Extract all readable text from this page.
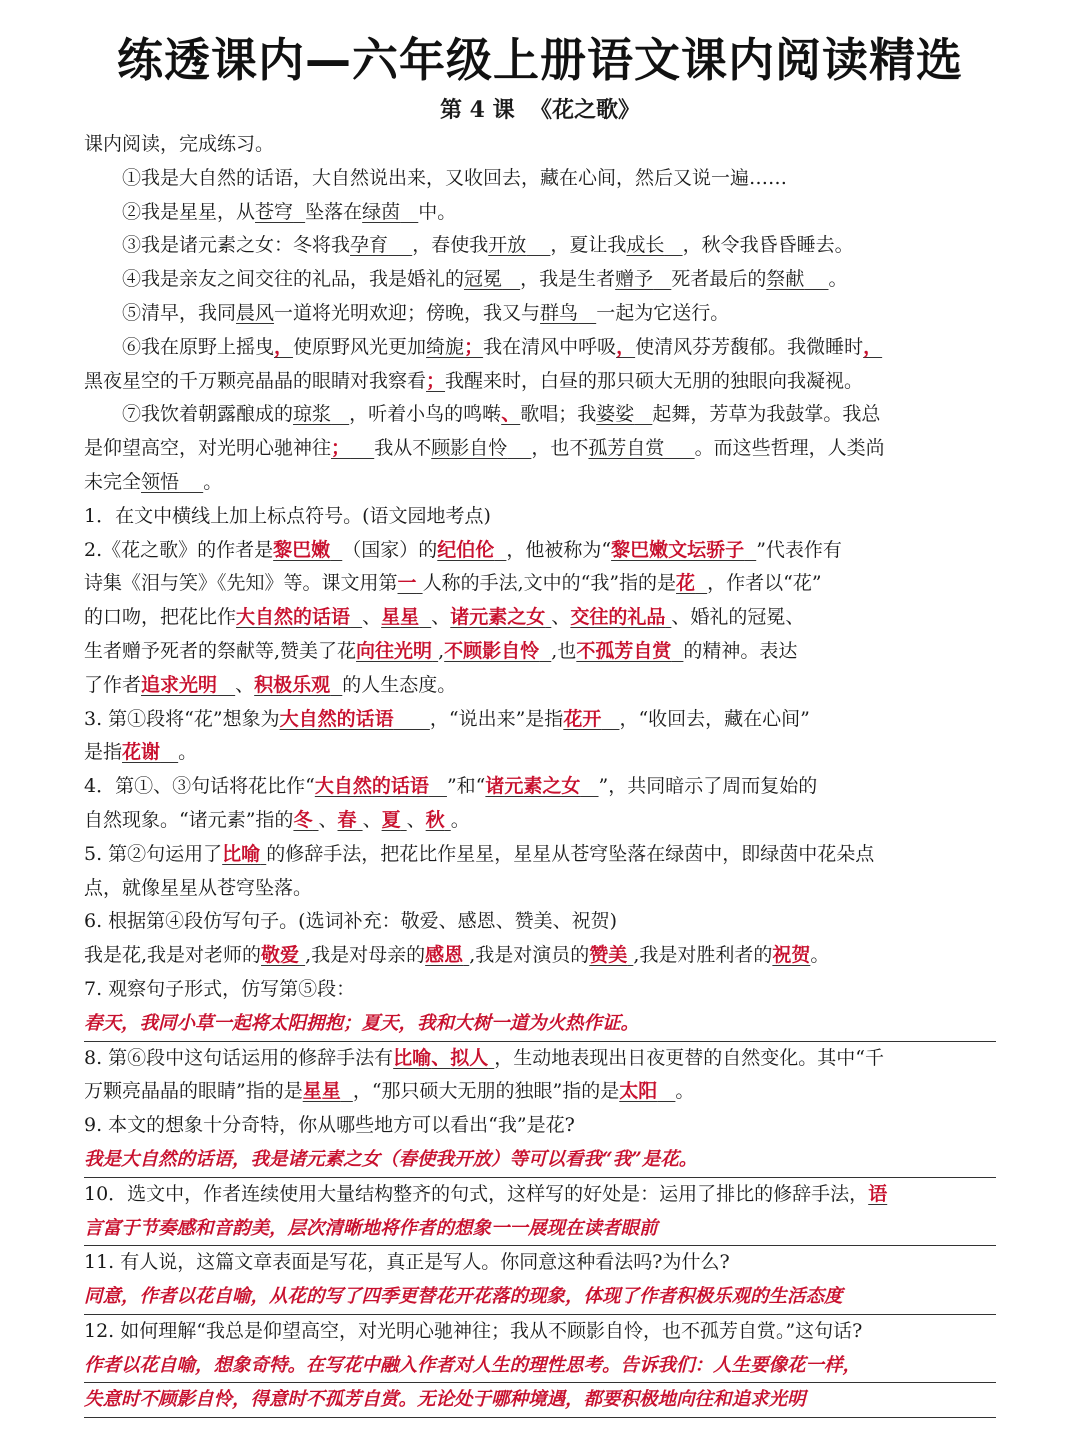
练透课内—六年级上册语文课内阅读精选

第 4 课 《花之歌》

课内阅读，完成练习。

①我是大自然的话语，大自然说出来，又收回去，藏在心间，然后又说一遍……

②我是星星，从苍穹 坠落在绿茵 中。

③我是诸元素之女：冬将我孕育 ，春使我开放 ，夏让我成长 ，秋令我昏昏睡去。

④我是亲友之间交往的礼品，我是婚礼的冠冕 ，我是生者赠予 死者最后的祭献 。

⑤清早，我同晨风一道将光明欢迎；傍晚，我又与群鸟 一起为它送行。

⑥我在原野上摇曳，使原野风光更加绮旎；我在清风中呼吸，使清风芬芳馥郁。我微睡时，

黑夜星空的千万颗亮晶晶的眼睛对我察看；我醒来时，白昼的那只硕大无朋的独眼向我凝视。

⑦我饮着朝露酿成的琼浆 ，听着小鸟的鸣啭、歌唱；我婆娑 起舞，芳草为我鼓掌。我总

是仰望高空，对光明心驰神往； 我从不顾影自怜 ，也不孤芳自赏 。而这些哲理，人类尚

未完全领悟 。

1．在文中横线上加上标点符号。(语文园地考点)

2.《花之歌》的作者是黎巴嫩 （国家）的纪伯伦 ，他被称为“黎巴嫩文坛骄子 ”代表作有

诗集《泪与笑》《先知》等。课文用第一 人称的手法,文中的“我”指的是花 ，作者以“花”

的口吻，把花比作大自然的话语 、星星 、诸元素之女 、交往的礼品 、婚礼的冠冕、

生者赠予死者的祭献等,赞美了花向往光明 ,不顾影自怜 ,也不孤芳自赏 的精神。表达

了作者追求光明 、积极乐观 的人生态度。

3. 第①段将“花”想象为大自然的话语 ，“说出来”是指花开 ，“收回去，藏在心间”

是指花谢 。

4．第①、③句话将花比作“大自然的话语 ”和“诸元素之女 ”，共同暗示了周而复始的

自然现象。“诸元素”指的冬 、春 、夏 、秋 。

5. 第②句运用了比喻 的修辞手法，把花比作星星，星星从苍穹坠落在绿茵中，即绿茵中花朵点

点，就像星星从苍穹坠落。

6. 根据第④段仿写句子。(选词补充：敬爱、感恩、赞美、祝贺)

我是花,我是对老师的敬爱 ,我是对母亲的感恩 ,我是对演员的赞美 ,我是对胜利者的祝贺。

7. 观察句子形式，仿写第⑤段：

春天，我同小草一起将太阳拥抱；夏天，我和大树一道为火热作证。

8. 第⑥段中这句话运用的修辞手法有比喻、拟人 ，生动地表现出日夜更替的自然变化。其中“千

万颗亮晶晶的眼睛”指的是星星 ，“那只硕大无朋的独眼”指的是太阳 。

9. 本文的想象十分奇特，你从哪些地方可以看出“我”是花?

我是大自然的话语，我是诸元素之女（春使我开放）等可以看我“我”是花。

10．选文中，作者连续使用大量结构整齐的句式，这样写的好处是：运用了排比的修辞手法，语

言富于节奏感和音韵美，层次清晰地将作者的想象一一展现在读者眼前

11. 有人说，这篇文章表面是写花，真正是写人。你同意这种看法吗?为什么?

同意，作者以花自喻，从花的写了四季更替花开花落的现象，体现了作者积极乐观的生活态度

12. 如何理解“我总是仰望高空，对光明心驰神往；我从不顾影自怜，也不孤芳自赏。”这句话?

作者以花自喻，想象奇特。在写花中融入作者对人生的理性思考。告诉我们：人生要像花一样，

失意时不顾影自怜，得意时不孤芳自赏。无论处于哪种境遇，都要积极地向往和追求光明
